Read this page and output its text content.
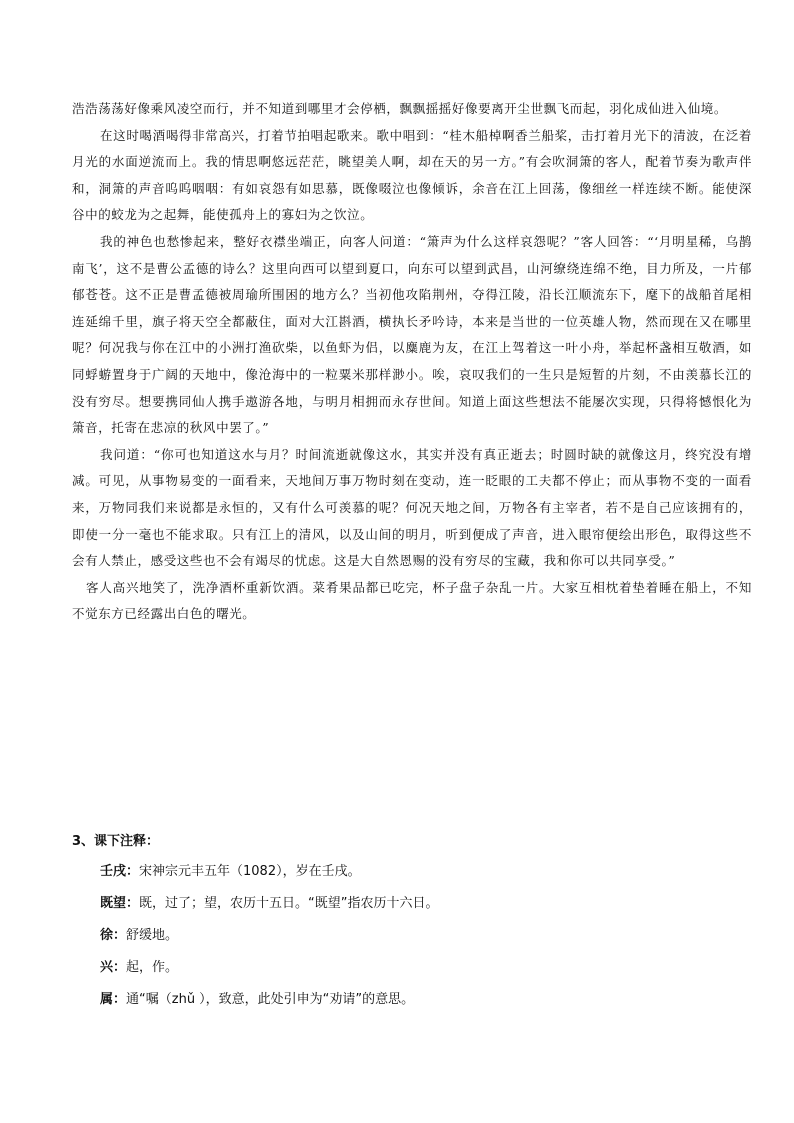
浩浩荡荡好像乘风凌空而行，并不知道到哪里才会停栖，飘飘摇摇好像要离开尘世飘飞而起，羽化成仙进入仙境。

在这时喝酒喝得非常高兴，打着节拍唱起歌来。歌中唱到：“桂木船棹啊香兰船桨，击打着月光下的清波，在泛着月光的水面逆流而上。我的情思啊悠远茫茫，眺望美人啊，却在天的另一方。”有会吹洞箫的客人，配着节奏为歌声伴和，洞箫的声音呜呜咽咽：有如哀怨有如思慕，既像啜泣也像倾诉，余音在江上回荡，像细丝一样连续不断。能使深谷中的蛟龙为之起舞，能使孤舟上的寡妇为之饮泣。

我的神色也愁惨起来，整好衣襟坐端正，向客人问道：“箫声为什么这样哀怨呢？”客人回答：“‘月明星稀，乌鹊南飞’，这不是曹公孟德的诗么？这里向西可以望到夏口，向东可以望到武昌，山河缭绕连绵不绝，目力所及，一片郁郁苍苍。这不正是曹孟德被周瑜所围困的地方么？当初他攻陷荆州，夺得江陵，沿长江顺流东下，麾下的战船首尾相连延绵千里，旗子将天空全都蔽住，面对大江斟酒，横执长矛吟诗，本来是当世的一位英雄人物，然而现在又在哪里呢？何况我与你在江中的小洲打渔砍柴，以鱼虾为侣，以麋鹿为友，在江上驾着这一叶小舟，举起杯盏相互敬酒，如同蜉蝣置身于广阔的天地中，像沧海中的一粒粟米那样渺小。唉，哀叹我们的一生只是短暂的片刻，不由羡慕长江的没有穷尽。想要携同仙人携手遨游各地，与明月相拥而永存世间。知道上面这些想法不能屡次实现，只得将憾恨化为箫音，托寄在悲凉的秋风中罢了。”

我问道：“你可也知道这水与月？时间流逝就像这水，其实并没有真正逝去；时圆时缺的就像这月，终究没有增减。可见，从事物易变的一面看来，天地间万事万物时刻在变动，连一眨眼的工夫都不停止；而从事物不变的一面看来，万物同我们来说都是永恒的，又有什么可羡慕的呢？何况天地之间，万物各有主宰者，若不是自己应该拥有的，即使一分一毫也不能求取。只有江上的清风，以及山间的明月，听到便成了声音，进入眼帘便绘出形色，取得这些不会有人禁止，感受这些也不会有竭尽的忧虑。这是大自然恩赐的没有穷尽的宝藏，我和你可以共同享受。”

客人高兴地笑了，洗净酒杯重新饮酒。菜肴果品都已吃完，杯子盘子杂乱一片。大家互相枕着垫着睡在船上，不知不觉东方已经露出白色的曙光。

3、课下注释：
壬戌：宋神宗元丰五年（1082），岁在壬戌。
既望：既，过了；望，农历十五日。“既望”指农历十六日。
徐：舒缓地。
兴：起，作。
属：通“嘱（zhǔ ），致意，此处引申为“劝请”的意思。
